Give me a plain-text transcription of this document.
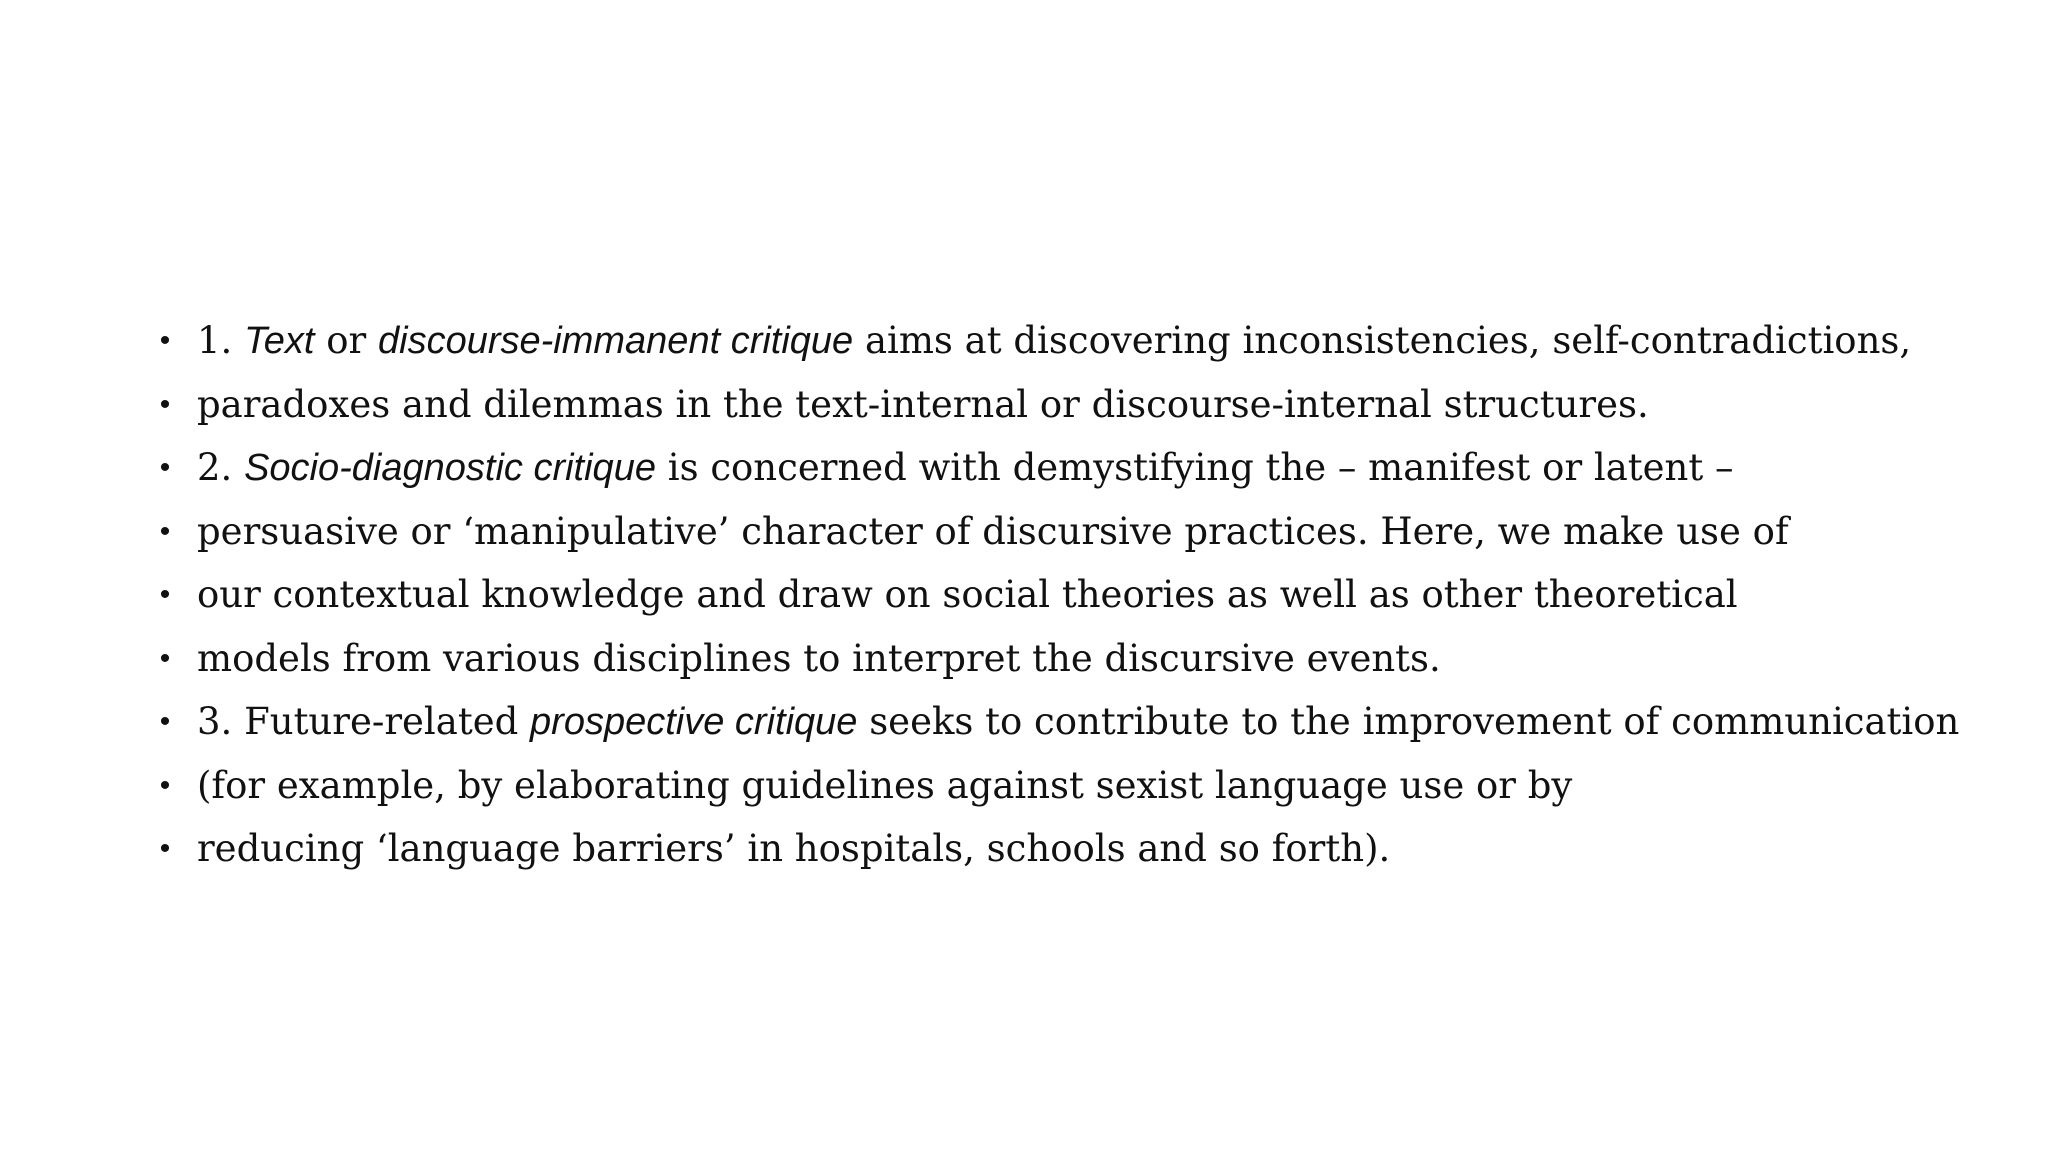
• 1. Text or discourse-immanent critique aims at discovering inconsistencies, self-contradictions,
• paradoxes and dilemmas in the text-internal or discourse-internal structures.
• 2. Socio-diagnostic critique is concerned with demystifying the – manifest or latent –
• persuasive or ‘manipulative’ character of discursive practices. Here, we make use of
• our contextual knowledge and draw on social theories as well as other theoretical
• models from various disciplines to interpret the discursive events.
• 3. Future-related prospective critique seeks to contribute to the improvement of communication
• (for example, by elaborating guidelines against sexist language use or by
• reducing ‘language barriers’ in hospitals, schools and so forth).
